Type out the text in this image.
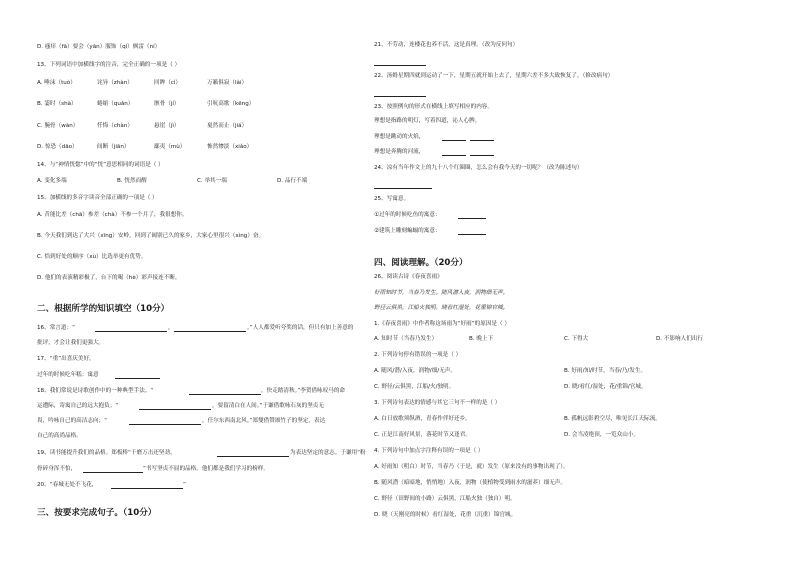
D. 瘙痒（fā）要会（yān）服饰（qí）枫雷（ní）
13、下列词语中加横线字的注音，完全正确的一项是（ ）
A. 唾沫（tuò）	诧异（zhàn）	回眸（cì）	万籁俱寂（lài）
B. 霎时（shà）	蜷缩（quǎn）	骸骨（jí）	引吭高歌（kēng）
C. 腕骨（wàn）	忏悔（chàn）	悬崖（jì）	戛然而止（jiá）
D. 惊恐（dāo）	间断（jiān）	鄙夷（mù）	怖然惨淡（xiǎo）
14、与“神情恍惚”中的“恍”意思相同的词语是（ ）
A. 变化多端	B. 恍然而醒	C. 举其一端	D. 品行不端
15、加横线的多音字读音全部正确的一项是（ ）
A. 昔能比差（chā）参差（chà）不参一个月了，我很想你。
B. 今天我们到达了大兴（xīng）安岭，回到了阔别已久的家乡，大家心里很兴（xìng）奋。
C. 恰到好处的顺序（xù）比选举更有优势。
D. 他们的表演精彩极了，台下的喝（hè）彩声接连不断。
二、根据所学的知识填空（10分）
16、常言道：“	，	。”人人都爱听夸奖的话，但只有加上善意的
批评，才会让我们更强大。
17、“重”出喜庆美好。
过年的时候吃年糕：寓意
18、我们常说是诗歌创作中的一种典型手法。“	，快走踏清秋。”李贺借咏叹马的命
运遭际，寄寓自己的远大抱负；“	，要留清白在人间。”于谦借歌咏石灰的坚贞无
畏，吟咏自己的高洁志向；“	，任尔东西南北风。”郑燮借赞颂竹子的坚定，表达
自己的高尚品格。
19、读书能提升我们的品格。郑板桥“千磨万击还坚劲，	为表达坚定的意志。于谦用“粉
骨碎身浑不怕，	”书写坚贞不屈的品格。他们都是我们学习的榜样。
20、“春城无处不飞花，	”
三、按要求完成句子。（10分）
21、不劳动，连楼花也养不活，这是真理。（改为反问句）
22、汤姆星期四就到运动了一下，星期五就开始上去了，星期六差不多大致恢复了。（修改病句）
23、按照例句的形式在横线上填写相应的内容。
理想是指路的明灯，写着四道，沁人心脾。
理想是跳动的火焰，
理想是奔腾的河流，
24、凉有当年作文上的九十八个红圈圈，怎么会有我今天的一切呢？（改为陈述句）
25、写寓意。
①过年的时候吃鱼的寓意：
②建筑上雕刻蝙蝠的寓意：
四、阅读理解。（20分）
26、阅读古诗《春夜喜雨》
好雨知时节，当春乃发生。随风潜入夜，润物细无声。
野径云俱黑，江船火独明。晓看红湿处，花重锦官城。
1.《春夜喜雨》中作者称这场雨为“好雨”的原因是（ ）
A. 知时节（当春乃发生）	B. 晚上下	C. 下得大	D. 不影响人们出行
2. 下列诗句停有错误的一项是（ ）
A. 随风/潜/入夜，润物/细/无声。	B. 好雨/知/时节，当春/乃/发生。
C. 野径/云俱黑，江船/火/独明。	D. 晓/看红/湿处，花/重锦/官城。
3. 下列诗句表达的情感与其它三句不一样的是（ ）
A. 白日放歌须纵酒，青春作伴好还乡。	B. 孤帆远影碧空尽，唯见长江天际流。
C. 正是江南好风景，落花时节又逢君。	D. 会当凌绝顶，一览众山小。
4. 下列诗句中加点字注释有误的一项是（ ）
A. 好雨知（明白）时节，当春乃（于是，就）发生（原来没有的事物出现了）。
B. 随风潜（暗暗地，悄悄地）入夜，润物（使植物受到雨水的滋养）细无声。
C. 野径（田野间的小路）云俱黑，江船火独（独自）明。
D. 晓（天刚亮的时候）看红湿处，花重（沉重）锦官城。
